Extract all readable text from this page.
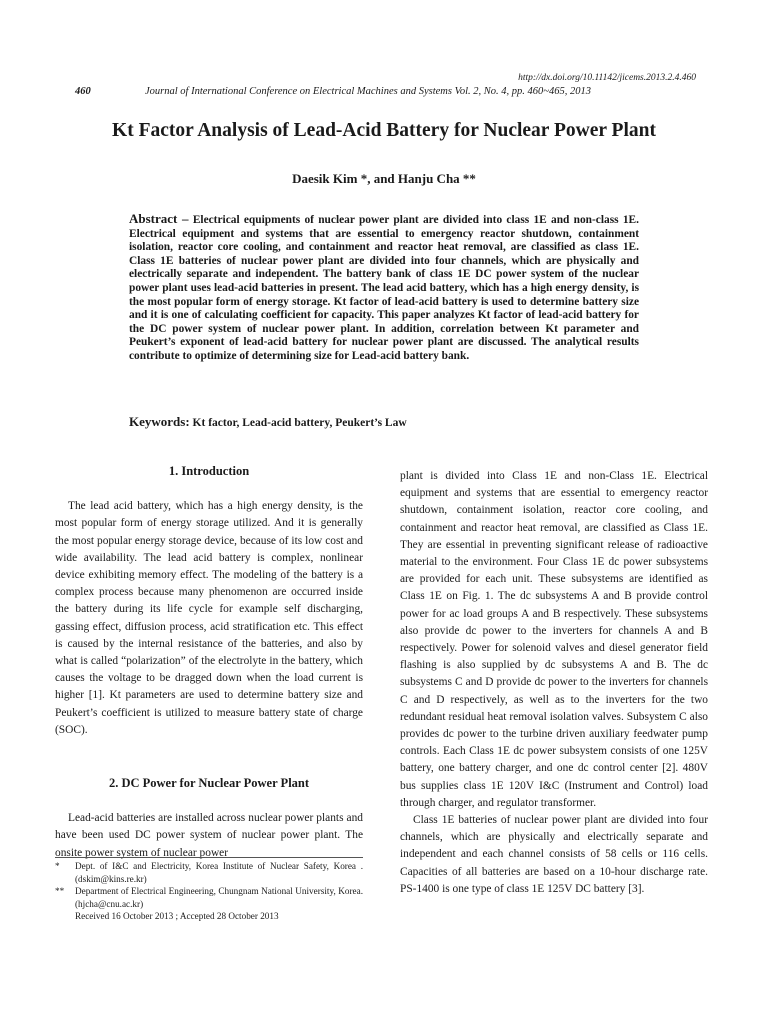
http://dx.doi.org/10.11142/jicems.2013.2.4.460
460	Journal of International Conference on Electrical Machines and Systems Vol. 2, No. 4, pp. 460~465, 2013
Kt Factor Analysis of Lead-Acid Battery for Nuclear Power Plant
Daesik Kim *, and Hanju Cha **
Abstract – Electrical equipments of nuclear power plant are divided into class 1E and non-class 1E. Electrical equipment and systems that are essential to emergency reactor shutdown, containment isolation, reactor core cooling, and containment and reactor heat removal, are classified as class 1E. Class 1E batteries of nuclear power plant are divided into four channels, which are physically and electrically separate and independent. The battery bank of class 1E DC power system of the nuclear power plant uses lead-acid batteries in present. The lead acid battery, which has a high energy density, is the most popular form of energy storage. Kt factor of lead-acid battery is used to determine battery size and it is one of calculating coefficient for capacity. This paper analyzes Kt factor of lead-acid battery for the DC power system of nuclear power plant. In addition, correlation between Kt parameter and Peukert’s exponent of lead-acid battery for nuclear power plant are discussed. The analytical results contribute to optimize of determining size for Lead-acid battery bank.
Keywords: Kt factor, Lead-acid battery, Peukert’s Law
1. Introduction

The lead acid battery, which has a high energy density, is the most popular form of energy storage utilized. And it is generally the most popular energy storage device, because of its low cost and wide availability. The lead acid battery is complex, nonlinear device exhibiting memory effect. The modeling of the battery is a complex process because many phenomenon are occurred inside the battery during its life cycle for example self discharging, gassing effect, diffusion process, acid stratification etc. This effect is caused by the internal resistance of the batteries, and also by what is called “polarization” of the electrolyte in the battery, which causes the voltage to be dragged down when the load current is higher [1]. Kt parameters are used to determine battery size and Peukert’s coefficient is utilized to measure battery state of charge (SOC).

2. DC Power for Nuclear Power Plant

Lead-acid batteries are installed across nuclear power plants and have been used DC power system of nuclear power plant. The onsite power system of nuclear power

plant is divided into Class 1E and non-Class 1E. Electrical equipment and systems that are essential to emergency reactor shutdown, containment isolation, reactor core cooling, and containment and reactor heat removal, are classified as Class 1E. They are essential in preventing significant release of radioactive material to the environment. Four Class 1E dc power subsystems are provided for each unit. These subsystems are identified as Class 1E on Fig. 1. The dc subsystems A and B provide control power for ac load groups A and B respectively. These subsystems also provide dc power to the inverters for channels A and B respectively. Power for solenoid valves and diesel generator field flashing is also supplied by dc subsystems A and B. The dc subsystems C and D provide dc power to the inverters for channels C and D respectively, as well as to the inverters for the two redundant residual heat removal isolation valves. Subsystem C also provides dc power to the turbine driven auxiliary feedwater pump controls. Each Class 1E dc power subsystem consists of one 125V battery, one battery charger, and one dc control center [2]. 480V bus supplies class 1E 120V I&C (Instrument and Control) load through charger, and regulator transformer.

Class 1E batteries of nuclear power plant are divided into four channels, which are physically and electrically separate and independent and each channel consists of 58 cells or 116 cells. Capacities of all batteries are based on a 10-hour discharge rate. PS-1400 is one type of class 1E 125V DC battery [3].

* Dept. of I&C and Electricity, Korea Institute of Nuclear Safety, Korea .(dskim@kins.re.kr)
** Department of Electrical Engineering, Chungnam National University, Korea.(hjcha@cnu.ac.kr)
Received 16 October 2013 ; Accepted 28 October 2013
